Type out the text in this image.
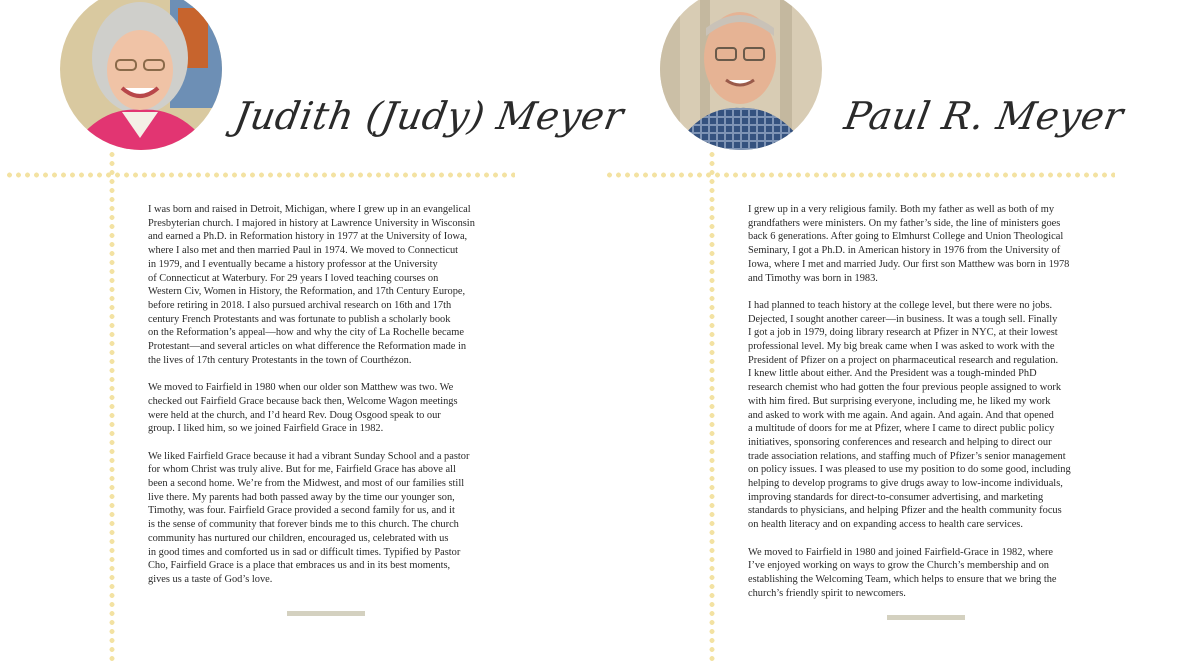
Judith (Judy) Meyer

I was born and raised in Detroit, Michigan, where I grew up in an evangelical
Presbyterian church. I majored in history at Lawrence University in Wisconsin
and earned a Ph.D. in Reformation history in 1977 at the University of Iowa,
where I also met and then married Paul in 1974. We moved to Connecticut
in 1979, and I eventually became a history professor at the University
of Connecticut at Waterbury. For 29 years I loved teaching courses on
Western Civ, Women in History, the Reformation, and 17th Century Europe,
before retiring in 2018. I also pursued archival research on 16th and 17th
century French Protestants and was fortunate to publish a scholarly book
on the Reformation’s appeal—how and why the city of La Rochelle became
Protestant—and several articles on what difference the Reformation made in
the lives of 17th century Protestants in the town of Courthézon.

We moved to Fairfield in 1980 when our older son Matthew was two. We
checked out Fairfield Grace because back then, Welcome Wagon meetings
were held at the church, and I’d heard Rev. Doug Osgood speak to our
group. I liked him, so we joined Fairfield Grace in 1982.

We liked Fairfield Grace because it had a vibrant Sunday School and a pastor
for whom Christ was truly alive. But for me, Fairfield Grace has above all
been a second home. We’re from the Midwest, and most of our families still
live there. My parents had both passed away by the time our younger son,
Timothy, was four. Fairfield Grace provided a second family for us, and it
is the sense of community that forever binds me to this church. The church
community has nurtured our children, encouraged us, celebrated with us
in good times and comforted us in sad or difficult times. Typified by Pastor
Cho, Fairfield Grace is a place that embraces us and in its best moments,
gives us a taste of God’s love.

Paul R. Meyer

I grew up in a very religious family. Both my father as well as both of my
grandfathers were ministers. On my father’s side, the line of ministers goes
back 6 generations. After going to Elmhurst College and Union Theological
Seminary, I got a Ph.D. in American history in 1976 from the University of
Iowa, where I met and married Judy. Our first son Matthew was born in 1978
and Timothy was born in 1983.

I had planned to teach history at the college level, but there were no jobs.
Dejected, I sought another career—in business. It was a tough sell. Finally
I got a job in 1979, doing library research at Pfizer in NYC, at their lowest
professional level. My big break came when I was asked to work with the
President of Pfizer on a project on pharmaceutical research and regulation.
I knew little about either. And the President was a tough-minded PhD
research chemist who had gotten the four previous people assigned to work
with him fired. But surprising everyone, including me, he liked my work
and asked to work with me again. And again. And again. And that opened
a multitude of doors for me at Pfizer, where I came to direct public policy
initiatives, sponsoring conferences and research and helping to direct our
trade association relations, and staffing much of Pfizer’s senior management
on policy issues. I was pleased to use my position to do some good, including
helping to develop programs to give drugs away to low-income individuals,
improving standards for direct-to-consumer advertising, and marketing
standards to physicians, and helping Pfizer and the health community focus
on health literacy and on expanding access to health care services.

We moved to Fairfield in 1980 and joined Fairfield-Grace in 1982, where
I’ve enjoyed working on ways to grow the Church’s membership and on
establishing the Welcoming Team, which helps to ensure that we bring the
church’s friendly spirit to newcomers.
